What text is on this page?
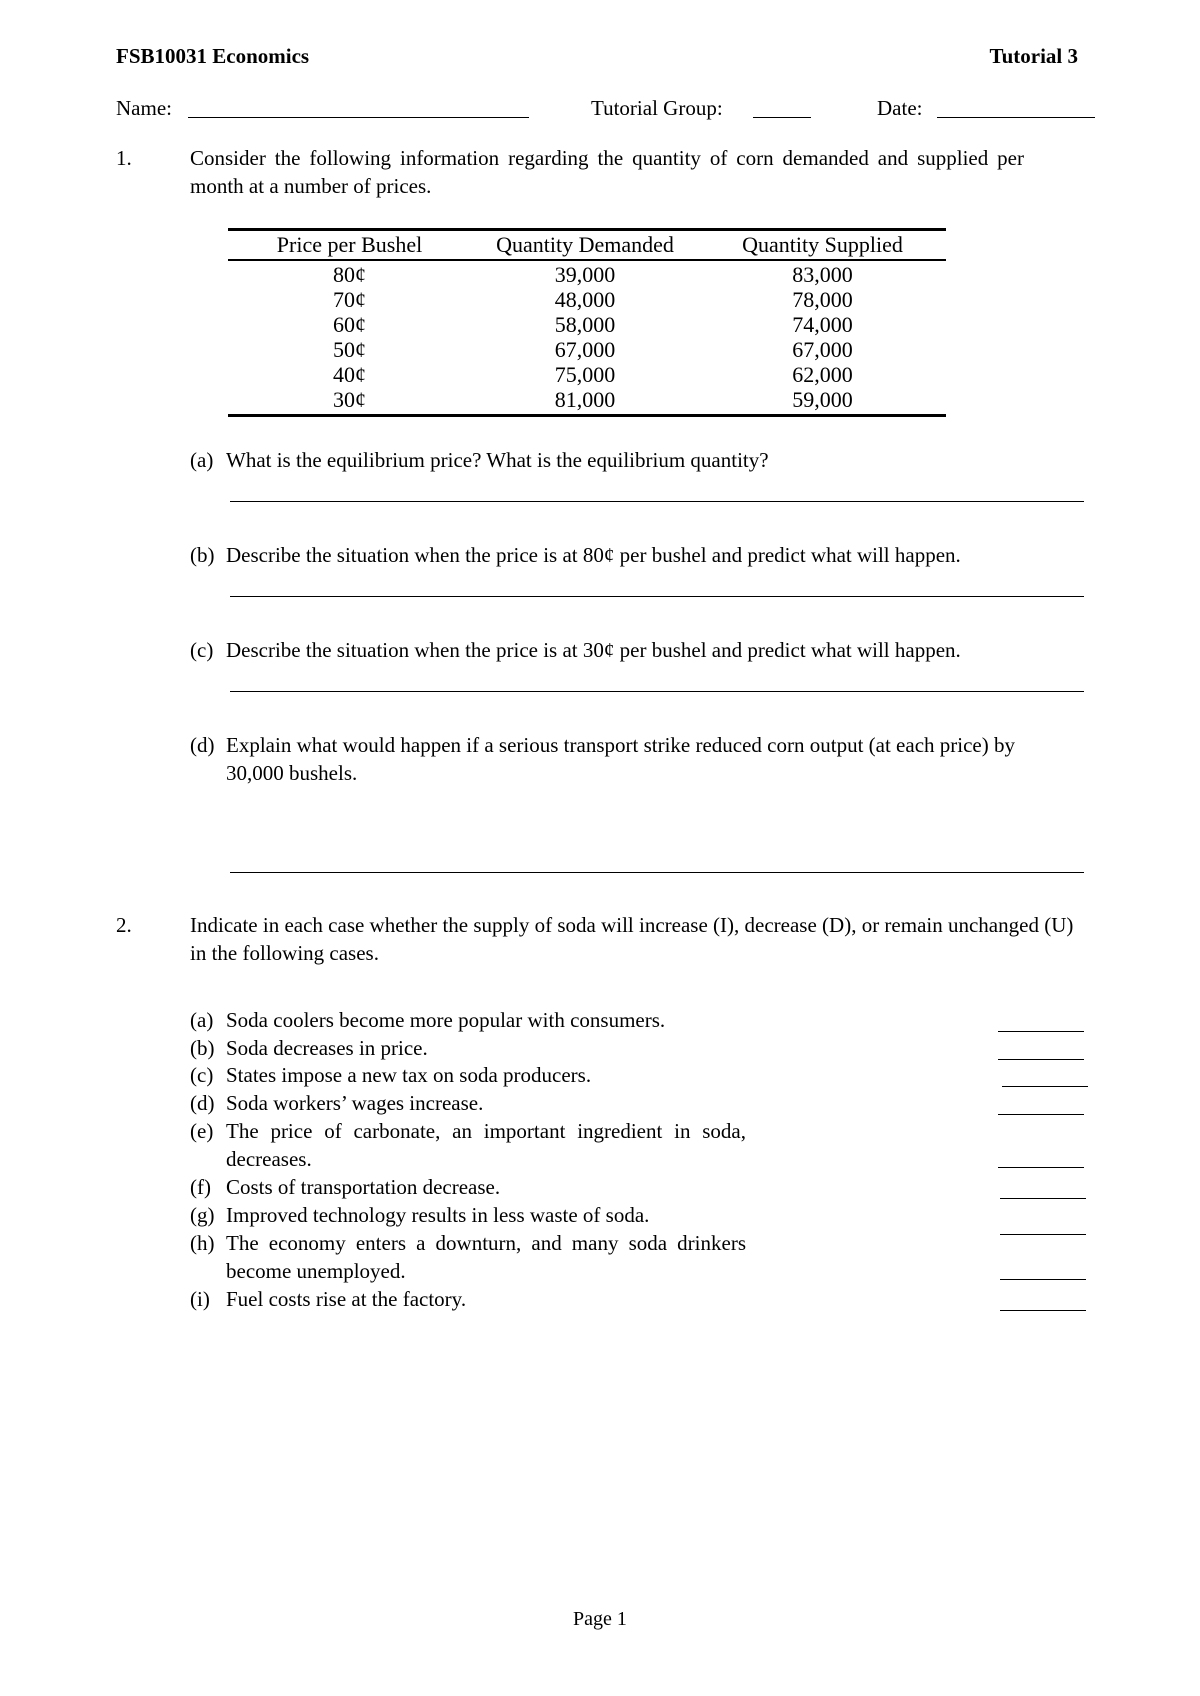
FSB10031 Economics	Tutorial 3
Name:	Tutorial Group:	Date:
1.	Consider the following information regarding the quantity of corn demanded and supplied per month at a number of prices.
Price per Bushel	Quantity Demanded	Quantity Supplied
80¢	39,000	83,000
70¢	48,000	78,000
60¢	58,000	74,000
50¢	67,000	67,000
40¢	75,000	62,000
30¢	81,000	59,000
(a) What is the equilibrium price? What is the equilibrium quantity?
(b) Describe the situation when the price is at 80¢ per bushel and predict what will happen.
(c) Describe the situation when the price is at 30¢ per bushel and predict what will happen.
(d) Explain what would happen if a serious transport strike reduced corn output (at each price) by 30,000 bushels.
2.	Indicate in each case whether the supply of soda will increase (I), decrease (D), or remain unchanged (U) in the following cases.
(a) Soda coolers become more popular with consumers.
(b) Soda decreases in price.
(c) States impose a new tax on soda producers.
(d) Soda workers’ wages increase.
(e) The price of carbonate, an important ingredient in soda, decreases.
(f) Costs of transportation decrease.
(g) Improved technology results in less waste of soda.
(h) The economy enters a downturn, and many soda drinkers become unemployed.
(i) Fuel costs rise at the factory.
Page 1
